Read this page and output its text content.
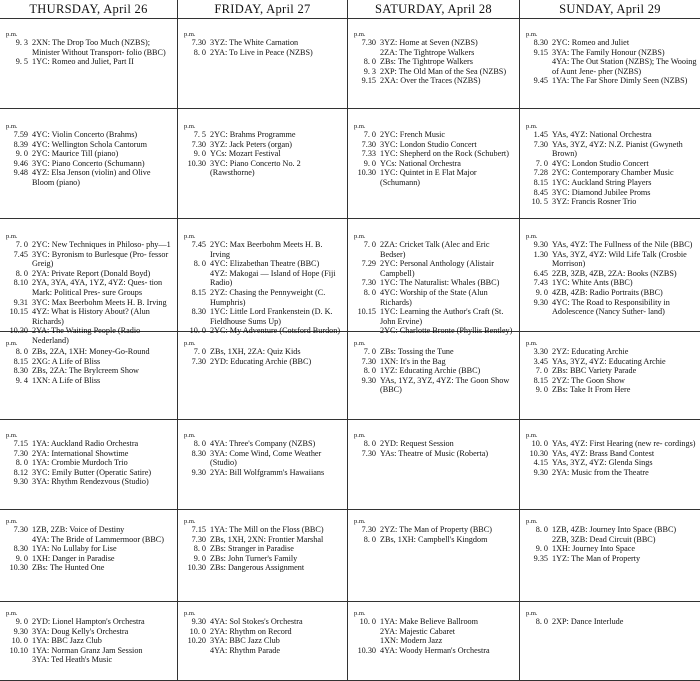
THURSDAY, April 26	FRIDAY, April 27	SATURDAY, April 28	SUNDAY, April 29
p.m.
9. 3 2XN: The Drop Too Much (NZBS); Minister Without Transport- folio (BBC)
9. 5 1YC: Romeo and Juliet, Part II
p.m.
7.30 3YZ: The White Carnation
8. 0 2YA: To Live in Peace (NZBS)
p.m.
7.30 3YZ: Home at Seven (NZBS)
2ZA: The Tightrope Walkers
8. 0 ZBs: The Tightrope Walkers
9. 3 2XP: The Old Man of the Sea (NZBS)
9.15 2XA: Over the Traces (NZBS)
p.m.
8.30 2YC: Romeo and Juliet
9.15 3YA: The Family Honour (NZBS)
4YA: The Out Station (NZBS); The Wooing of Aunt Jene- pher (NZBS)
9.45 1YA: The Far Shore Dimly Seen (NZBS)
p.m.
7.59 4YC: Violin Concerto (Brahms)
8.39 4YC: Wellington Schola Cantorum
9. 0 2YC: Maurice Till (piano)
9.46 3YC: Piano Concerto (Schumann)
9.48 4YZ: Elsa Jenson (violin) and Olive Bloom (piano)
p.m.
7. 5 2YC: Brahms Programme
7.30 3YZ: Jack Peters (organ)
9. 0 YCs: Mozart Festival
10.30 3YC: Piano Concerto No. 2 (Rawsthorne)
p.m.
7. 0 2YC: French Music
7.30 3YC: London Studio Concert
7.33 1YC: Shepherd on the Rock (Schubert)
9. 0 YCs: National Orchestra
10.30 1YC: Quintet in E Flat Major (Schumann)
p.m.
1.45 YAs, 4YZ: National Orchestra
7.30 YAs, 3YZ, 4YZ: N.Z. Pianist (Gwyneth Brown)
7. 0 4YC: London Studio Concert
7.28 2YC: Contemporary Chamber Music
8.15 1YC: Auckland String Players
8.45 3YC: Diamond Jubilee Proms
10. 5 3YZ: Francis Rosner Trio
p.m.
7. 0 2YC: New Techniques in Philoso- phy—1
7.45 3YC: Byronism to Burlesque (Pro- fessor Greig)
8. 0 2YA: Private Report (Donald Boyd)
8.10 2YA, 3YA, 4YA, 1YZ, 4YZ: Ques- tion Mark: Political Pres- sure Groups
9.31 3YC: Max Beerbohm Meets H. B. Irving
10.15 4YZ: What is History About? (Alun Richards)
10.30 2YA: The Waiting People (Radio Nederland)
p.m.
7.45 2YC: Max Beerbohm Meets H. B. Irving
8. 0 4YC: Elizabethan Theatre (BBC)
4YZ: Makogai — Island of Hope (Fiji Radio)
8.15 2YZ: Chasing the Pennyweight (C. Humphris)
8.30 1YC: Little Lord Frankenstein (D. K. Fieldhouse Sums Up)
10. 0 2YC: My Adventure (Cotsford Burdon)
p.m.
7. 0 2ZA: Cricket Talk (Alec and Eric Bedser)
7.29 2YC: Personal Anthology (Alistair Campbell)
7.30 1YC: The Naturalist: Whales (BBC)
8. 0 4YC: Worship of the State (Alun Richards)
10.15 1YC: Learning the Author's Craft (St. John Ervine)
2YC: Charlotte Bronte (Phyllis Bentley)
p.m.
9.30 YAs, 4YZ: The Fullness of the Nile (BBC)
1.30 YAs, 3YZ, 4YZ: Wild Life Talk (Crosbie Morrison)
6.45 2ZB, 3ZB, 4ZB, 2ZA: Books (NZBS)
7.43 1YC: White Ants (BBC)
9. 0 4ZB, 4ZB: Radio Portraits (BBC)
9.30 4YC: The Road to Responsibility in Adolescence (Nancy Suther- land)
p.m.
8. 0 ZBs, 2ZA, 1XH: Money-Go-Round
8.15 2XG: A Life of Bliss
8.30 ZBs, 2ZA: The Brylcreem Show
9. 4 1XN: A Life of Bliss
p.m.
7. 0 ZBs, 1XH, 2ZA: Quiz Kids
7.30 2YD: Educating Archie (BBC)
p.m.
7. 0 ZBs: Tossing the Tune
7.30 1XN: It's in the Bag
8. 0 1YZ: Educating Archie (BBC)
9.30 YAs, 1YZ, 3YZ, 4YZ: The Goon Show (BBC)
p.m.
3.30 2YZ: Educating Archie
3.45 YAs, 3YZ, 4YZ: Educating Archie
7. 0 ZBs: BBC Variety Parade
8.15 2YZ: The Goon Show
9. 0 ZBs: Take It From Here
p.m.
7.15 1YA: Auckland Radio Orchestra
7.30 2YA: International Showtime
8. 0 1YA: Crombie Murdoch Trio
8.12 3YC: Emily Butter (Operatic Satire)
9.30 3YA: Rhythm Rendezvous (Studio)
p.m.
8. 0 4YA: Three's Company (NZBS)
8.30 3YA: Come Wind, Come Weather (Studio)
9.30 2YA: Bill Wolfgramm's Hawaiians
p.m.
8. 0 2YD: Request Session
7.30 YAs: Theatre of Music (Roberta)
p.m.
10. 0 YAs, 4YZ: First Hearing (new re- cordings)
10.30 YAs, 4YZ: Brass Band Contest
4.15 YAs, 3YZ, 4YZ: Glenda Sings
9.30 2YA: Music from the Theatre
p.m.
7.30 1ZB, 2ZB: Voice of Destiny
4YA: The Bride of Lammermoor (BBC)
8.30 1YA: No Lullaby for Lise
9. 0 1XH: Danger in Paradise
10.30 ZBs: The Hunted One
p.m.
7.15 1YA: The Mill on the Floss (BBC)
7.30 ZBs, 1XH, 2XN: Frontier Marshal
8. 0 ZBs: Stranger in Paradise
9. 0 ZBs: John Turner's Family
10.30 ZBs: Dangerous Assignment
p.m.
7.30 2YZ: The Man of Property (BBC)
8. 0 ZBs, 1XH: Campbell's Kingdom
p.m.
8. 0 1ZB, 4ZB: Journey Into Space (BBC)
2ZB, 3ZB: Dead Circuit (BBC)
9. 0 1XH: Journey Into Space
9.35 1YZ: The Man of Property
p.m.
9. 0 2YD: Lionel Hampton's Orchestra
9.30 3YA: Doug Kelly's Orchestra
10. 0 1YA: BBC Jazz Club
10.10 1YA: Norman Granz Jam Session
3YA: Ted Heath's Music
p.m.
9.30 4YA: Sol Stokes's Orchestra
10. 0 2YA: Rhythm on Record
10.20 3YA: BBC Jazz Club
4YA: Rhythm Parade
p.m.
10. 0 1YA: Make Believe Ballroom
2YA: Majestic Cabaret
1XN: Modern Jazz
10.30 4YA: Woody Herman's Orchestra
p.m.
8. 0 2XP: Dance Interlude
